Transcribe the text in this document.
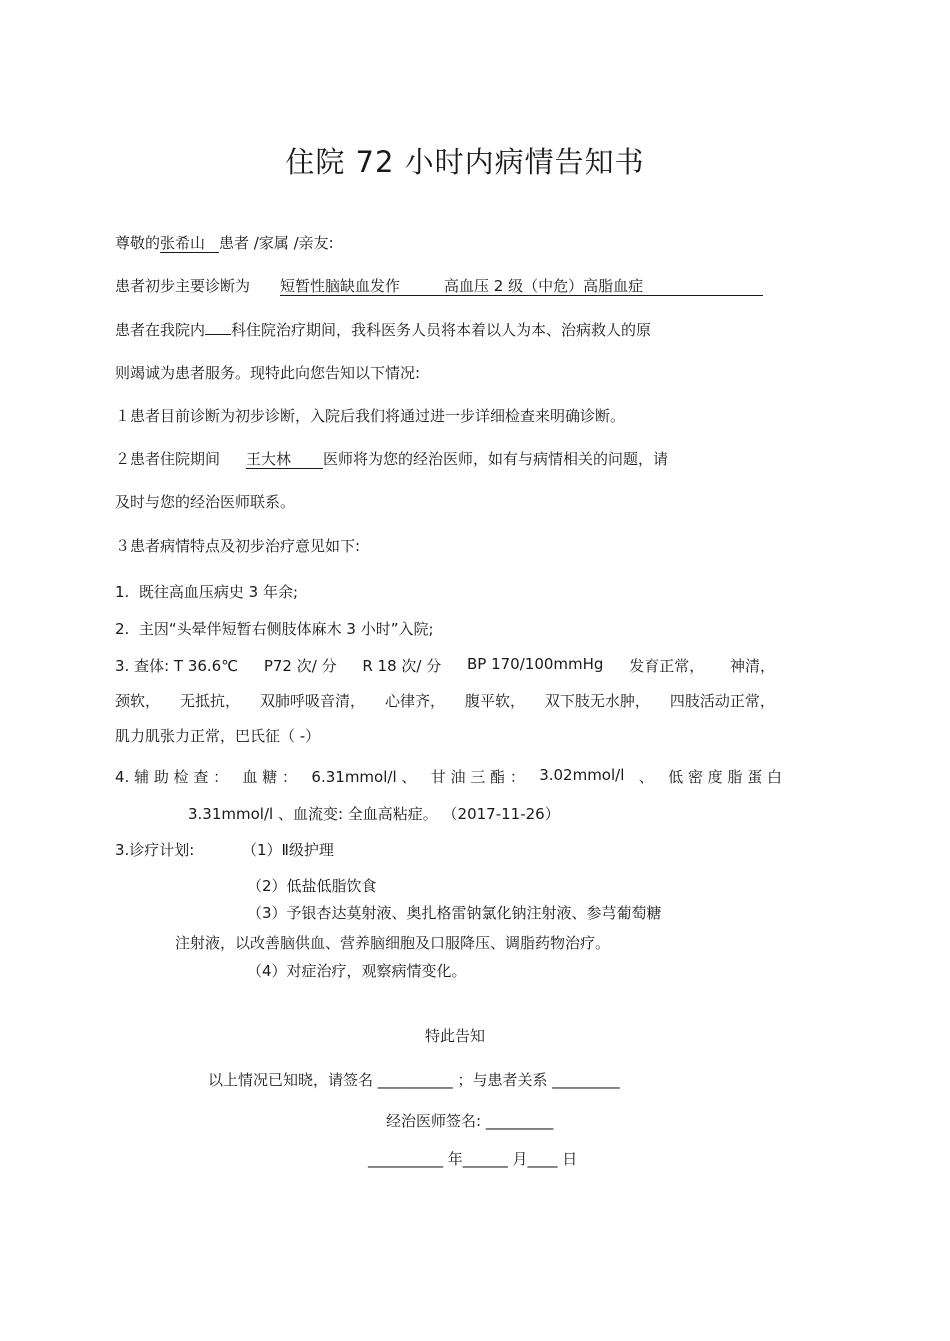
住院 72 小时内病情告知书
尊敬的张希山 患者 /家属 /亲友:
患者初步主要诊断为 短暂性脑缺血发作	高血压 2 级（中危）高脂血症
患者在我院内 科住院治疗期间，我科医务人员将本着以人为本、治病救人的原
则竭诚为患者服务。现特此向您告知以下情况:
１患者目前诊断为初步诊断，入院后我们将通过进一步详细检查来明确诊断。
２患者住院期间 王大林 医师将为您的经治医师，如有与病情相关的问题，请
及时与您的经治医师联系。
３患者病情特点及初步治疗意见如下:
1. 既往高血压病史 3 年余;
2. 主因“头晕伴短暂右侧肢体麻木 3 小时”入院;
3. 查体: T 36.6℃ P72 次/ 分 R 18 次/ 分 BP 170/100mmHg 发育正常， 神清，
颈软， 无抵抗， 双肺呼吸音清， 心律齐， 腹平软， 双下肢无水肿， 四肢活动正常，
肌力肌张力正常，巴氏征（ -）
4. 辅 助 检 查 ： 血 糖 ： 6.31mmol/l 、 甘 油 三 酯 ： 3.02mmol/l 、 低 密 度 脂 蛋 白
3.31mmol/l 、血流变: 全血高粘症。 （2017-11-26）
3.诊疗计划:	（1）Ⅱ级护理
（2）低盐低脂饮食
（3）予银杏达莫射液、奥扎格雷钠氯化钠注射液、参芎葡萄糖
注射液，以改善脑供血、营养脑细胞及口服降压、调脂药物治疗。
（4）对症治疗，观察病情变化。
特此告知
以上情况已知晓，请签名 __________ ；与患者关系 _________
经治医师签名: _________
__________ 年______ 月____ 日
